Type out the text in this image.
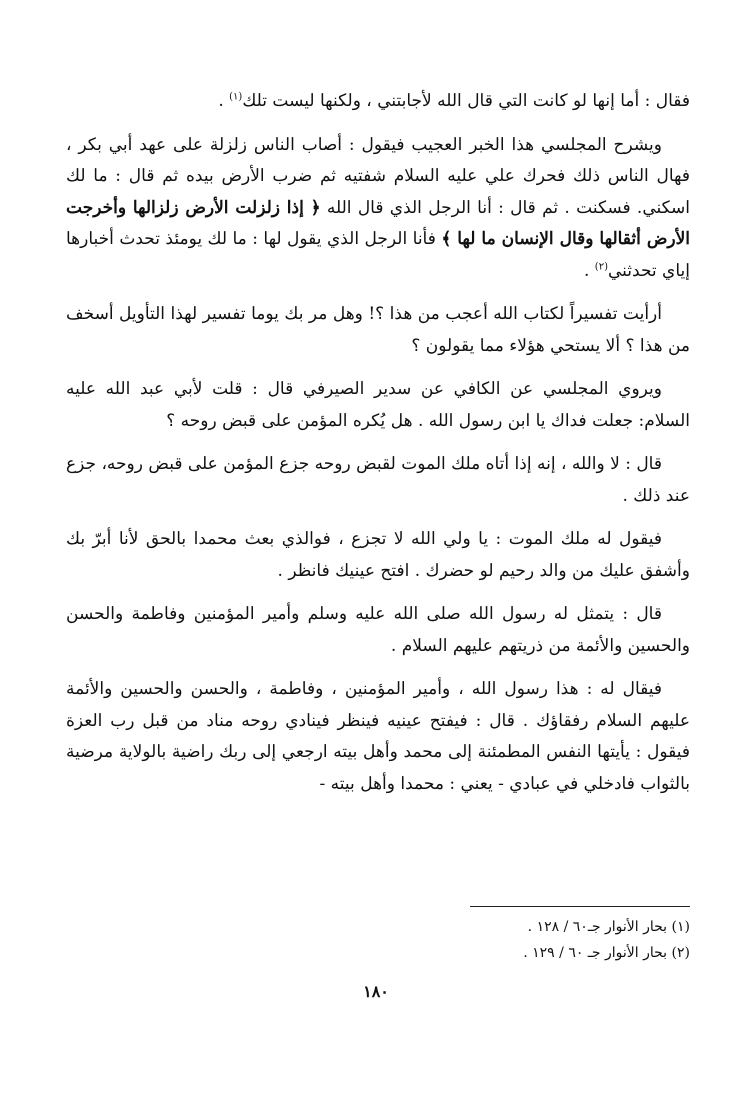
فقال : أما إنها لو كانت التي قال الله لأجابتني ، ولكنها ليست تلك$^{(١)}$ .

ويشرح المجلسي هذا الخبر العجيب فيقول : أصاب الناس زلزلة على عهد أبي بكر ، فهال الناس ذلك فحرك علي عليه السلام شفتيه ثم ضرب الأرض بيده ثم قال : ما لك اسكني. فسكنت . ثم قال : أنا الرجل الذي قال الله ﴿ إذا زلزلت الأرض زلزالها وأخرجت الأرض أثقالها وقال الإنسان ما لها ﴾ فأنا الرجل الذي يقول لها : ما لك يومئذ تحدث أخبارها إياي تحدثني$^{(٢)}$ .

أرأيت تفسيراً لكتاب الله أعجب من هذا ؟! وهل مر بك يوما تفسير لهذا التأويل أسخف من هذا ؟ ألا يستحي هؤلاء مما يقولون ؟

ويروي المجلسي عن الكافي عن سدير الصيرفي قال : قلت لأبي عبد الله عليه السلام: جعلت فداك يا ابن رسول الله . هل يُكره المؤمن على قبض روحه ؟

قال : لا والله ، إنه إذا أتاه ملك الموت لقبض روحه جزع المؤمن على قبض روحه، جزع عند ذلك .

فيقول له ملك الموت : يا ولي الله لا تجزع ، فوالذي بعث محمدا بالحق لأنا أبرّ بك وأشفق عليك من والد رحيم لو حضرك . افتح عينيك فانظر .

قال : يتمثل له رسول الله صلى الله عليه وسلم وأمير المؤمنين وفاطمة والحسن والحسين والأئمة من ذريتهم عليهم السلام .

فيقال له : هذا رسول الله ، وأمير المؤمنين ، وفاطمة ، والحسن والحسين والأئمة عليهم السلام رفقاؤك . قال : فيفتح عينيه فينظر فينادي روحه مناد من قبل رب العزة فيقول : يأيتها النفس المطمئنة إلى محمد وأهل بيته ارجعي إلى ربك راضية بالولاية مرضية بالثواب فادخلي في عبادي - يعني : محمدا وأهل بيته -

(١) بحار الأنوار جـ٦٠ / ١٢٨ .
(٢) بحار الأنوار جـ ٦٠ / ١٢٩ .
١٨٠
